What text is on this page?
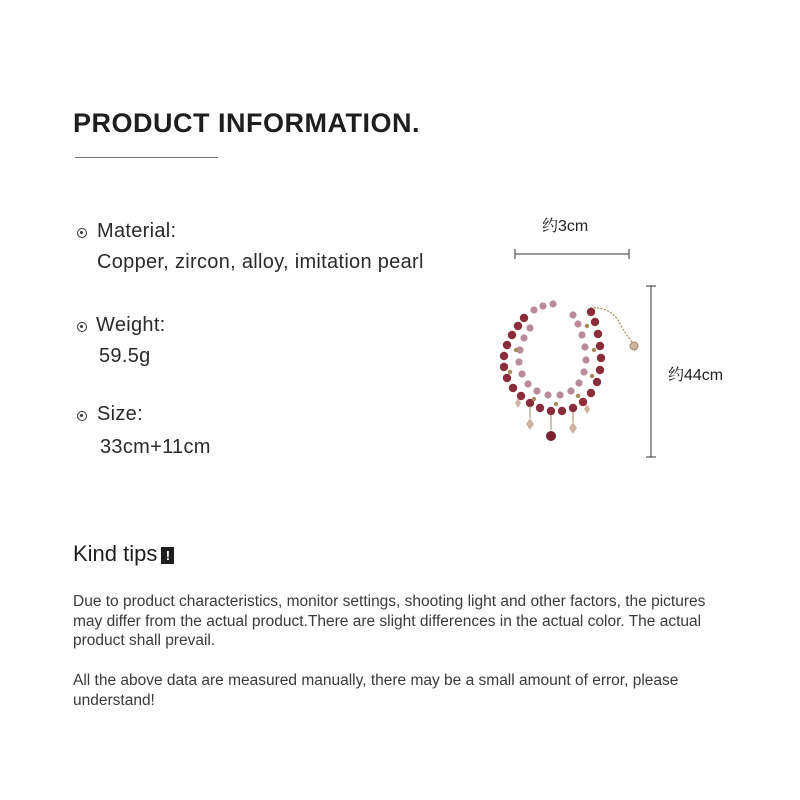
PRODUCT INFORMATION.
Material:
Copper, zircon, alloy, imitation pearl
Weight:
59.5g
Size:
33cm+11cm
约3cm
约44cm
Kind tips !

Due to product characteristics, monitor settings, shooting light and other factors, the pictures may differ from the actual product.There are slight differences in the actual color. The actual product shall prevail.

All the above data are measured manually, there may be a small amount of error, please understand!
